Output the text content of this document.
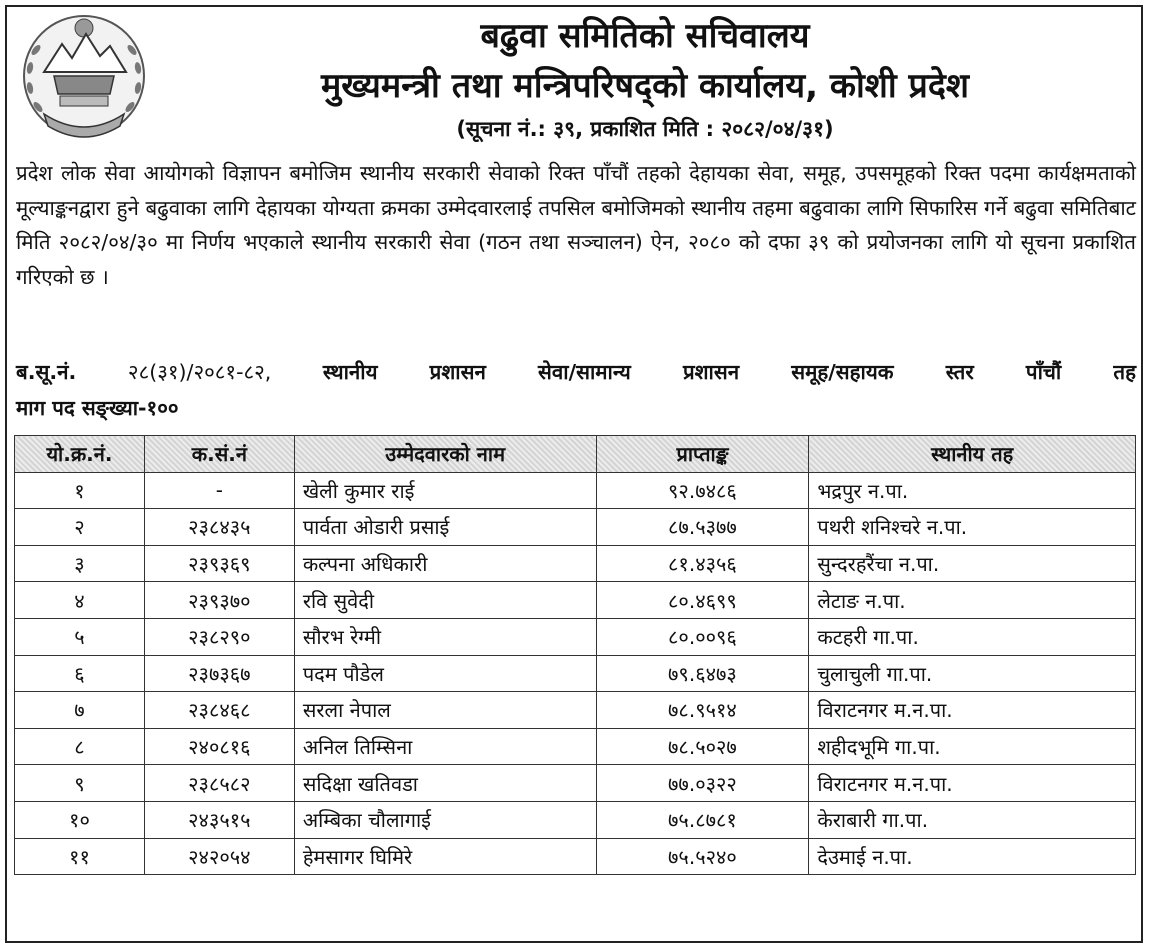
बढुवा समितिको सचिवालय
मुख्यमन्त्री तथा मन्त्रिपरिषद्को कार्यालय, कोशी प्रदेश
(सूचना नं.: ३९, प्रकाशित मिति : २०८२/०४/३१)
प्रदेश लोक सेवा आयोगको विज्ञापन बमोजिम स्थानीय सरकारी सेवाको रिक्त पाँचौं तहको देहायका सेवा, समूह, उपसमूहको रिक्त पदमा कार्यक्षमताको मूल्याङ्कनद्वारा हुने बढुवाका लागि देहायका योग्यता क्रमका उम्मेदवारलाई तपसिल बमोजिमको स्थानीय तहमा बढुवाका लागि सिफारिस गर्ने बढुवा समितिबाट मिति २०८२/०४/३० मा निर्णय भएकाले स्थानीय सरकारी सेवा (गठन तथा सञ्चालन) ऐन, २०८० को दफा ३९ को प्रयोजनका लागि यो सूचना प्रकाशित गरिएको छ ।
ब.सू.नं.	२८(३१)/२०८१-८२,	स्थानीय प्रशासन सेवा/सामान्य प्रशासन समूह/सहायक स्तर पाँचौं तह
माग पद सङ्ख्या-१००
यो.क्र.नं.	क.सं.नं	उम्मेदवारको नाम	प्राप्ताङ्क	स्थानीय तह
१	-	खेली कुमार राई	९२.७४८६	भद्रपुर न.पा.
२	२३८४३५	पार्वता ओडारी प्रसाई	८७.५३७७	पथरी शनिश्चरे न.पा.
३	२३९३६९	कल्पना अधिकारी	८१.४३५६	सुन्दरहरैंचा न.पा.
४	२३९३७०	रवि सुवेदी	८०.४६९९	लेटाङ न.पा.
५	२३८२९०	सौरभ रेग्मी	८०.००९६	कटहरी गा.पा.
६	२३७३६७	पदम पौडेल	७९.६४७३	चुलाचुली गा.पा.
७	२३८४६८	सरला नेपाल	७८.९५१४	विराटनगर म.न.पा.
८	२४०८१६	अनिल तिम्सिना	७८.५०२७	शहीदभूमि गा.पा.
९	२३८५८२	सदिक्षा खतिवडा	७७.०३२२	विराटनगर म.न.पा.
१०	२४३५१५	अम्बिका चौलागाई	७५.८७८१	केराबारी गा.पा.
११	२४२०५४	हेमसागर घिमिरे	७५.५२४०	देउमाई न.पा.
